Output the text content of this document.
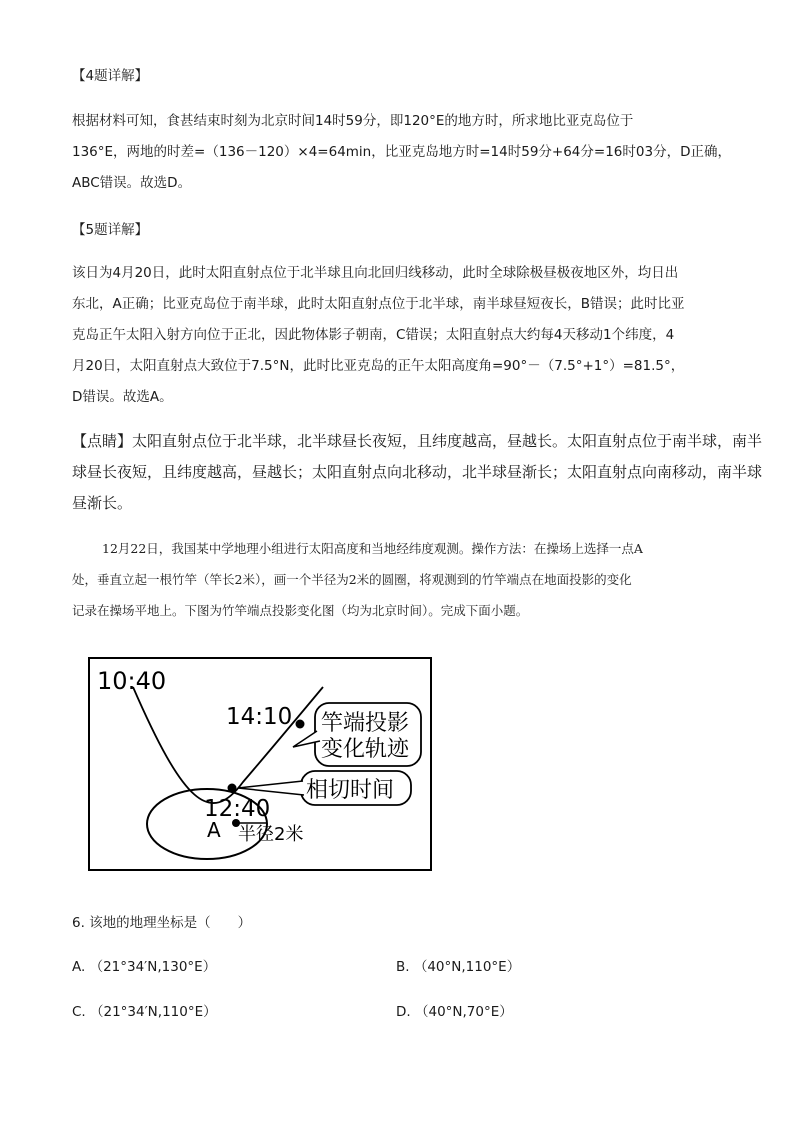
【4题详解】
根据材料可知，食甚结束时刻为北京时间14时59分，即120°E的地方时，所求地比亚克岛位于
136°E，两地的时差=（136－120）×4=64min，比亚克岛地方时=14时59分+64分=16时03分，D正确，
ABC错误。故选D。
【5题详解】
该日为4月20日，此时太阳直射点位于北半球且向北回归线移动，此时全球除极昼极夜地区外，均日出
东北，A正确；比亚克岛位于南半球，此时太阳直射点位于北半球，南半球昼短夜长，B错误；此时比亚
克岛正午太阳入射方向位于正北，因此物体影子朝南，C错误；太阳直射点大约每4天移动1个纬度，4
月20日，太阳直射点大致位于7.5°N，此时比亚克岛的正午太阳高度角=90°－（7.5°+1°）=81.5°，
D错误。故选A。
【点睛】太阳直射点位于北半球，北半球昼长夜短，且纬度越高，昼越长。太阳直射点位于南半球，南半
球昼长夜短，且纬度越高，昼越长；太阳直射点向北移动，北半球昼渐长；太阳直射点向南移动，南半球
昼渐长。
12月22日，我国某中学地理小组进行太阳高度和当地经纬度观测。操作方法：在操场上选择一点A
处，垂直立起一根竹竿（竿长2米），画一个半径为2米的圆圈，将观测到的竹竿端点在地面投影的变化
记录在操场平地上。下图为竹竿端点投影变化图（均为北京时间）。完成下面小题。
10:40
14:10
12:40
A 半径2米
竿端投影
变化轨迹
相切时间
6. 该地的地理坐标是（　　）
A. （21°34′N,130°E）	B. （40°N,110°E）
C. （21°34′N,110°E）	D. （40°N,70°E）
